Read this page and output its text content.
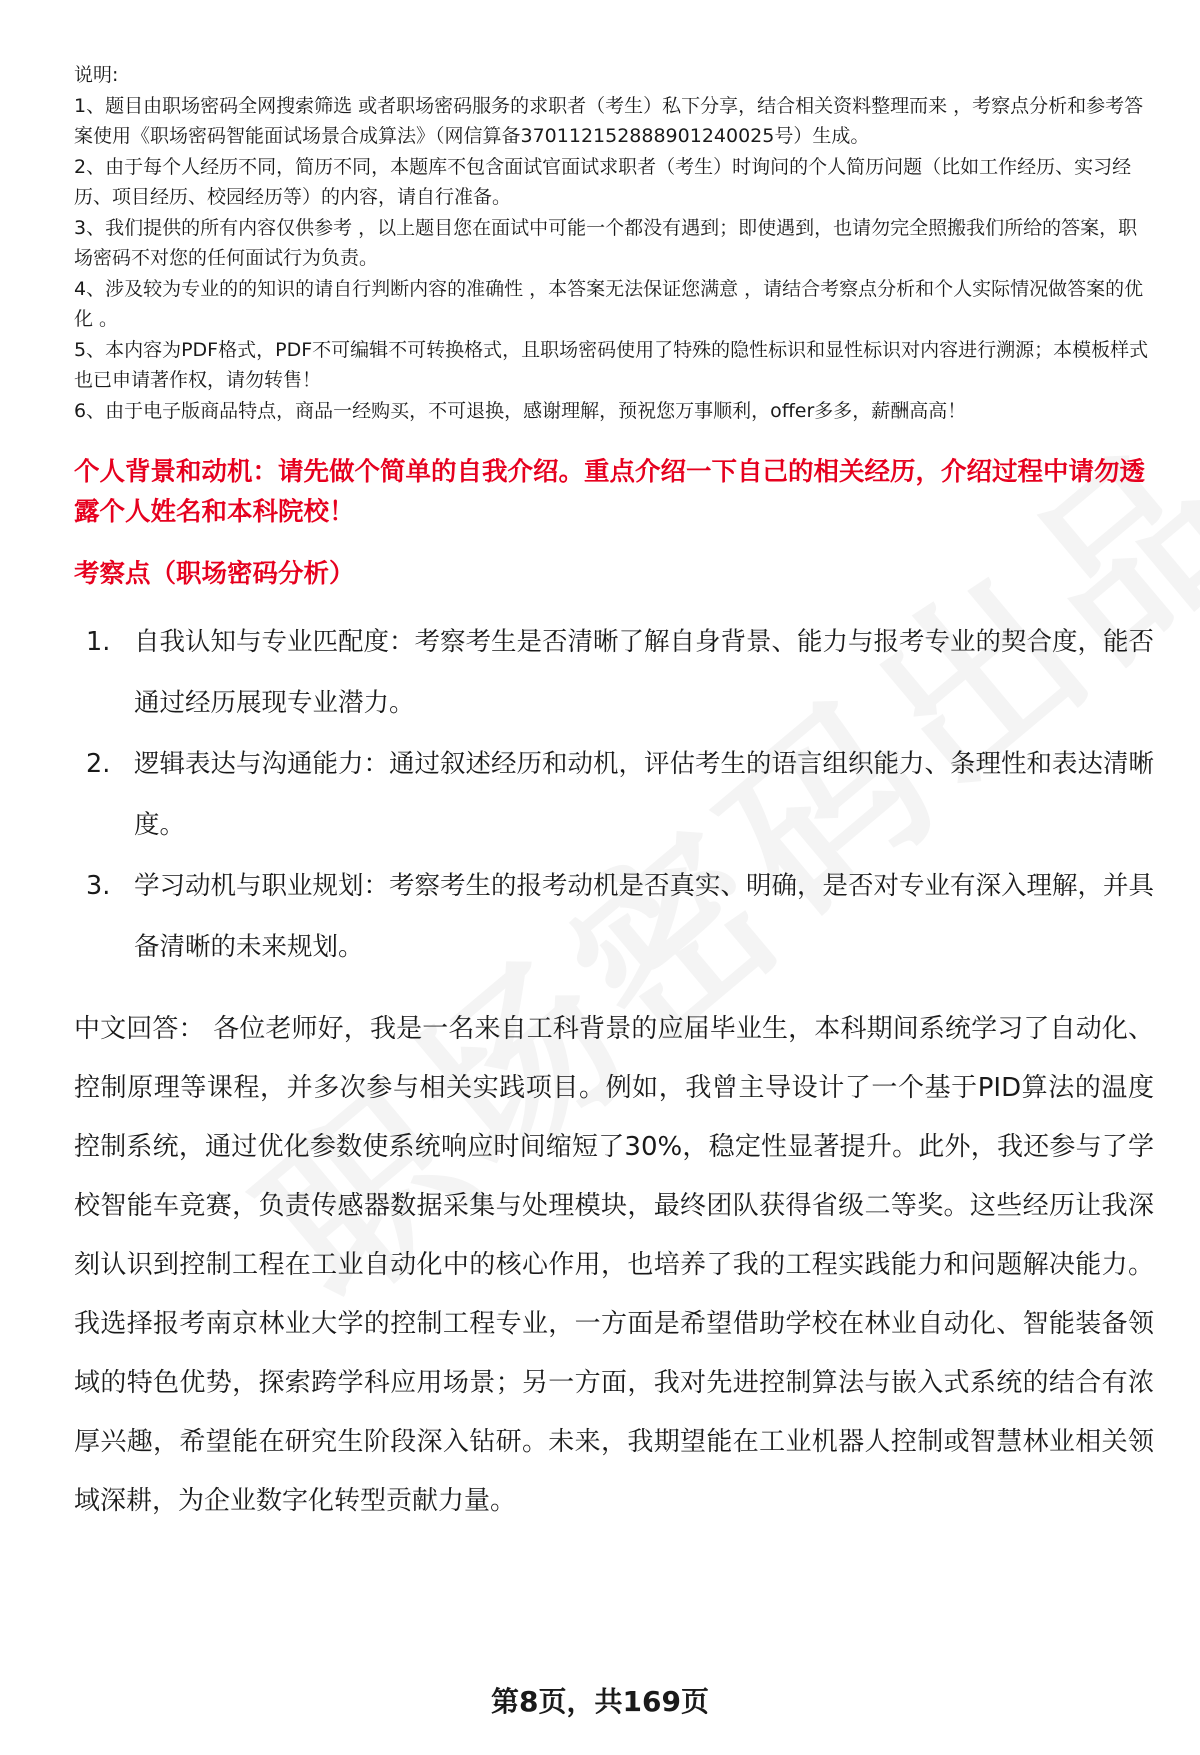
说明:

1、题目由职场密码全网搜索筛选 或者职场密码服务的求职者（考生）私下分享，结合相关资料整理而来 ，考察点分析和参考答案使用《职场密码智能面试场景合成算法》（网信算备370112152888901240025号）生成。

2、由于每个人经历不同，简历不同，本题库不包含面试官面试求职者（考生）时询问的个人简历问题（比如工作经历、实习经历、项目经历、校园经历等）的内容，请自行准备。

3、我们提供的所有内容仅供参考 ，以上题目您在面试中可能一个都没有遇到；即使遇到，也请勿完全照搬我们所给的答案，职场密码不对您的任何面试行为负责。

4、涉及较为专业的的知识的请自行判断内容的准确性 ，本答案无法保证您满意 ，请结合考察点分析和个人实际情况做答案的优化 。

5、本内容为PDF格式，PDF不可编辑不可转换格式，且职场密码使用了特殊的隐性标识和显性标识对内容进行溯源；本模板样式也已申请著作权，请勿转售！

6、由于电子版商品特点，商品一经购买，不可退换，感谢理解，预祝您万事顺利，offer多多，薪酬高高！

个人背景和动机：请先做个简单的自我介绍。重点介绍一下自己的相关经历，介绍过程中请勿透露个人姓名和本科院校！
考察点（职场密码分析）
1. 自我认知与专业匹配度：考察考生是否清晰了解自身背景、能力与报考专业的契合度，能否通过经历展现专业潜力。
2. 逻辑表达与沟通能力：通过叙述经历和动机，评估考生的语言组织能力、条理性和表达清晰度。
3. 学习动机与职业规划：考察考生的报考动机是否真实、明确，是否对专业有深入理解，并具备清晰的未来规划。

中文回答： 各位老师好，我是一名来自工科背景的应届毕业生，本科期间系统学习了自动化、控制原理等课程，并多次参与相关实践项目。例如，我曾主导设计了一个基于PID算法的温度控制系统，通过优化参数使系统响应时间缩短了30%，稳定性显著提升。此外，我还参与了学校智能车竞赛，负责传感器数据采集与处理模块，最终团队获得省级二等奖。这些经历让我深刻认识到控制工程在工业自动化中的核心作用，也培养了我的工程实践能力和问题解决能力。我选择报考南京林业大学的控制工程专业，一方面是希望借助学校在林业自动化、智能装备领域的特色优势，探索跨学科应用场景；另一方面，我对先进控制算法与嵌入式系统的结合有浓厚兴趣，希望能在研究生阶段深入钻研。未来，我期望能在工业机器人控制或智慧林业相关领域深耕，为企业数字化转型贡献力量。

第8页，共169页
